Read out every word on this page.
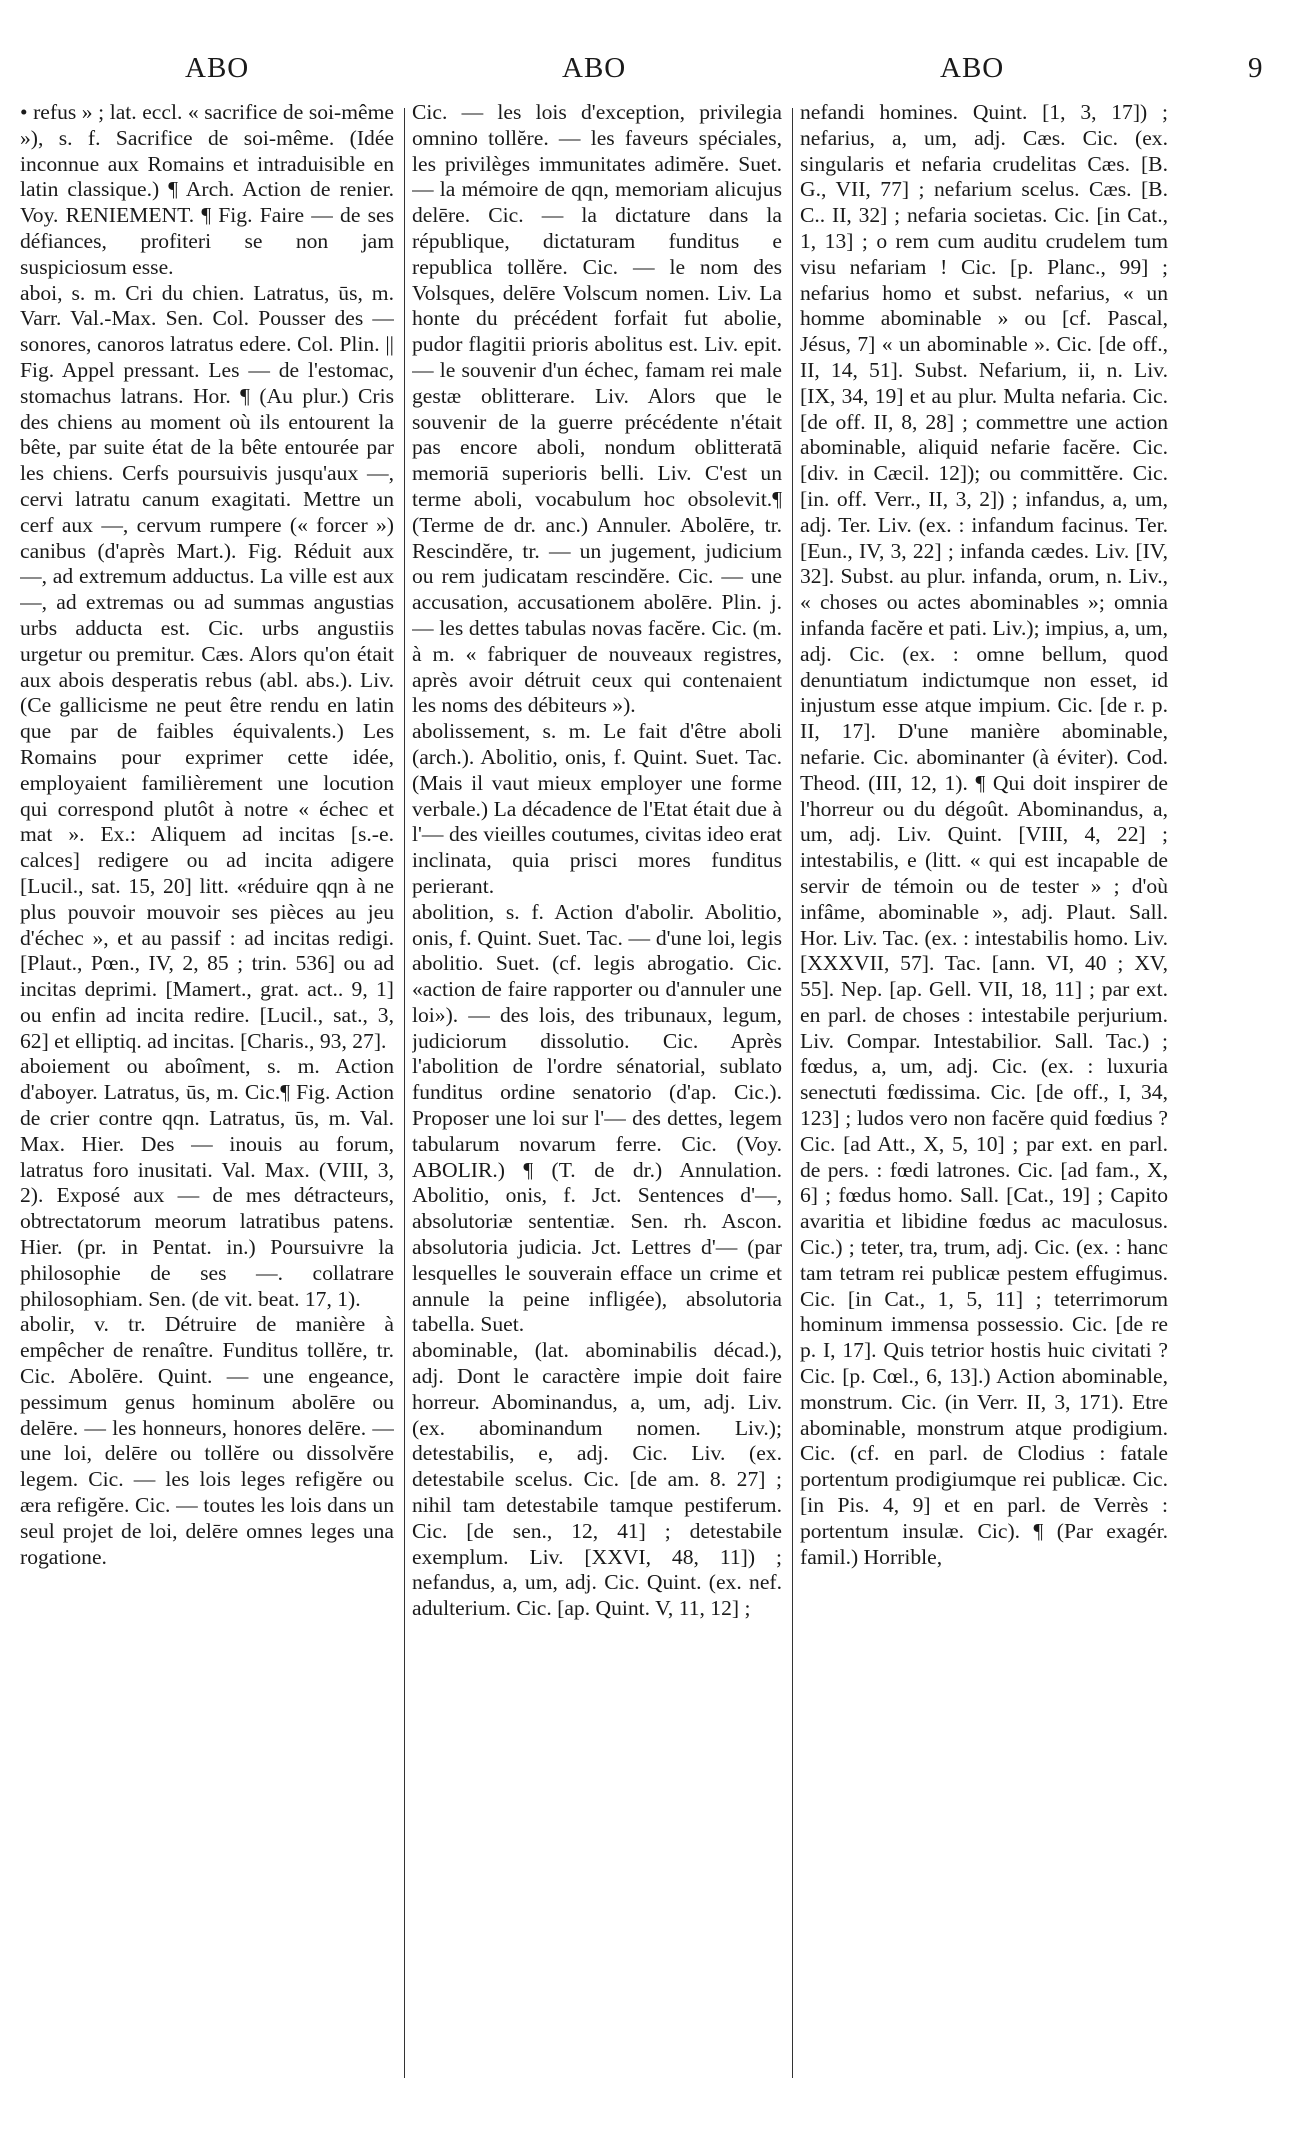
ABO	ABO	ABO	9

• refus » ; lat. eccl. « sacrifice de soi-même »), s. f. Sacrifice de soi-même. (Idée inconnue aux Romains et intraduisible en latin classique.) ¶ Arch. Action de renier. Voy. RENIEMENT. ¶ Fig. Faire — de ses défiances, profiteri se non jam suspiciosum esse.

aboi, s. m. Cri du chien. Latratus, ūs, m. Varr. Val.-Max. Sen. Col. Pousser des — sonores, canoros latratus edere. Col. Plin. || Fig. Appel pressant. Les — de l'estomac, stomachus latrans. Hor. ¶ (Au plur.) Cris des chiens au moment où ils entourent la bête, par suite état de la bête entourée par les chiens. Cerfs poursuivis jusqu'aux —, cervi latratu canum exagitati. Mettre un cerf aux —, cervum rumpere (« forcer ») canibus (d'après Mart.). Fig. Réduit aux —, ad extremum adductus. La ville est aux —, ad extremas ou ad summas angustias urbs adducta est. Cic. urbs angustiis urgetur ou premitur. Cæs. Alors qu'on était aux abois desperatis rebus (abl. abs.). Liv. (Ce gallicisme ne peut être rendu en latin que par de faibles équivalents.) Les Romains pour exprimer cette idée, employaient familièrement une locution qui correspond plutôt à notre « échec et mat ». Ex.: Aliquem ad incitas [s.-e. calces] redigere ou ad incita adigere [Lucil., sat. 15, 20] litt. «réduire qqn à ne plus pouvoir mouvoir ses pièces au jeu d'échec », et au passif : ad incitas redigi. [Plaut., Pœn., IV, 2, 85 ; trin. 536] ou ad incitas deprimi. [Mamert., grat. act.. 9, 1] ou enfin ad incita redire. [Lucil., sat., 3, 62] et elliptiq. ad incitas. [Charis., 93, 27].

aboiement ou aboîment, s. m. Action d'aboyer. Latratus, ūs, m. Cic.¶ Fig. Action de crier contre qqn. Latratus, ūs, m. Val. Max. Hier. Des — inouis au forum, latratus foro inusitati. Val. Max. (VIII, 3, 2). Exposé aux — de mes détracteurs, obtrectatorum meorum latratibus patens. Hier. (pr. in Pentat. in.) Poursuivre la philosophie de ses —. collatrare philosophiam. Sen. (de vit. beat. 17, 1).

abolir, v. tr. Détruire de manière à empêcher de renaître. Funditus tollĕre, tr. Cic. Abolēre. Quint. — une engeance, pessimum genus hominum abolēre ou delēre. — les honneurs, honores delēre. — une loi, delēre ou tollĕre ou dissolvĕre legem. Cic. — les lois leges refigĕre ou æra refigĕre. Cic. — toutes les lois dans un seul projet de loi, delēre omnes leges una rogatione.

Cic. — les lois d'exception, privilegia omnino tollĕre. — les faveurs spéciales, les privilèges immunitates adimĕre. Suet. — la mémoire de qqn, memoriam alicujus delēre. Cic. — la dictature dans la république, dictaturam funditus e republica tollĕre. Cic. — le nom des Volsques, delēre Volscum nomen. Liv. La honte du précédent forfait fut abolie, pudor flagitii prioris abolitus est. Liv. epit. — le souvenir d'un échec, famam rei male gestæ oblitterare. Liv. Alors que le souvenir de la guerre précédente n'était pas encore aboli, nondum oblitteratā memoriā superioris belli. Liv. C'est un terme aboli, vocabulum hoc obsolevit.¶ (Terme de dr. anc.) Annuler. Abolēre, tr. Rescindĕre, tr. — un jugement, judicium ou rem judicatam rescindĕre. Cic. — une accusation, accusationem abolēre. Plin. j. — les dettes tabulas novas facĕre. Cic. (m. à m. « fabriquer de nouveaux registres, après avoir détruit ceux qui contenaient les noms des débiteurs »).

abolissement, s. m. Le fait d'être aboli (arch.). Abolitio, onis, f. Quint. Suet. Tac. (Mais il vaut mieux employer une forme verbale.) La décadence de l'Etat était due à l'— des vieilles coutumes, civitas ideo erat inclinata, quia prisci mores funditus perierant.

abolition, s. f. Action d'abolir. Abolitio, onis, f. Quint. Suet. Tac. — d'une loi, legis abolitio. Suet. (cf. legis abrogatio. Cic. «action de faire rapporter ou d'annuler une loi»). — des lois, des tribunaux, legum, judiciorum dissolutio. Cic. Après l'abolition de l'ordre sénatorial, sublato funditus ordine senatorio (d'ap. Cic.). Proposer une loi sur l'— des dettes, legem tabularum novarum ferre. Cic. (Voy. ABOLIR.) ¶ (T. de dr.) Annulation. Abolitio, onis, f. Jct. Sentences d'—, absolutoriæ sententiæ. Sen. rh. Ascon. absolutoria judicia. Jct. Lettres d'— (par lesquelles le souverain efface un crime et annule la peine infligée), absolutoria tabella. Suet.

abominable, (lat. abominabilis décad.), adj. Dont le caractère impie doit faire horreur. Abominandus, a, um, adj. Liv. (ex. abominandum nomen. Liv.); detestabilis, e, adj. Cic. Liv. (ex. detestabile scelus. Cic. [de am. 8. 27] ; nihil tam detestabile tamque pestiferum. Cic. [de sen., 12, 41] ; detestabile exemplum. Liv. [XXVI, 48, 11]) ; nefandus, a, um, adj. Cic. Quint. (ex. nef. adulterium. Cic. [ap. Quint. V, 11, 12] ;

nefandi homines. Quint. [1, 3, 17]) ; nefarius, a, um, adj. Cæs. Cic. (ex. singularis et nefaria crudelitas Cæs. [B. G., VII, 77] ; nefarium scelus. Cæs. [B. C.. II, 32] ; nefaria societas. Cic. [in Cat., 1, 13] ; o rem cum auditu crudelem tum visu nefariam ! Cic. [p. Planc., 99] ; nefarius homo et subst. nefarius, « un homme abominable » ou [cf. Pascal, Jésus, 7] « un abominable ». Cic. [de off., II, 14, 51]. Subst. Nefarium, ii, n. Liv. [IX, 34, 19] et au plur. Multa nefaria. Cic. [de off. II, 8, 28] ; commettre une action abominable, aliquid nefarie facĕre. Cic. [div. in Cæcil. 12]); ou committĕre. Cic. [in. off. Verr., II, 3, 2]) ; infandus, a, um, adj. Ter. Liv. (ex. : infandum facinus. Ter. [Eun., IV, 3, 22] ; infanda cædes. Liv. [IV, 32]. Subst. au plur. infanda, orum, n. Liv., « choses ou actes abominables »; omnia infanda facĕre et pati. Liv.); impius, a, um, adj. Cic. (ex. : omne bellum, quod denuntiatum indictumque non esset, id injustum esse atque impium. Cic. [de r. p. II, 17]. D'une manière abominable, nefarie. Cic. abominanter (à éviter). Cod. Theod. (III, 12, 1). ¶ Qui doit inspirer de l'horreur ou du dégoût. Abominandus, a, um, adj. Liv. Quint. [VIII, 4, 22] ; intestabilis, e (litt. « qui est incapable de servir de témoin ou de tester » ; d'où infâme, abominable », adj. Plaut. Sall. Hor. Liv. Tac. (ex. : intestabilis homo. Liv. [XXXVII, 57]. Tac. [ann. VI, 40 ; XV, 55]. Nep. [ap. Gell. VII, 18, 11] ; par ext. en parl. de choses : intestabile perjurium. Liv. Compar. Intestabilior. Sall. Tac.) ; fœdus, a, um, adj. Cic. (ex. : luxuria senectuti fœdissima. Cic. [de off., I, 34, 123] ; ludos vero non facĕre quid fœdius ? Cic. [ad Att., X, 5, 10] ; par ext. en parl. de pers. : fœdi latrones. Cic. [ad fam., X, 6] ; fœdus homo. Sall. [Cat., 19] ; Capito avaritia et libidine fœdus ac maculosus. Cic.) ; teter, tra, trum, adj. Cic. (ex. : hanc tam tetram rei publicæ pestem effugimus. Cic. [in Cat., 1, 5, 11] ; teterrimorum hominum immensa possessio. Cic. [de re p. I, 17]. Quis tetrior hostis huic civitati ? Cic. [p. Cœl., 6, 13].) Action abominable, monstrum. Cic. (in Verr. II, 3, 171). Etre abominable, monstrum atque prodigium. Cic. (cf. en parl. de Clodius : fatale portentum prodigiumque rei publicæ. Cic. [in Pis. 4, 9] et en parl. de Verrès : portentum insulæ. Cic). ¶ (Par exagér. famil.) Horrible,
